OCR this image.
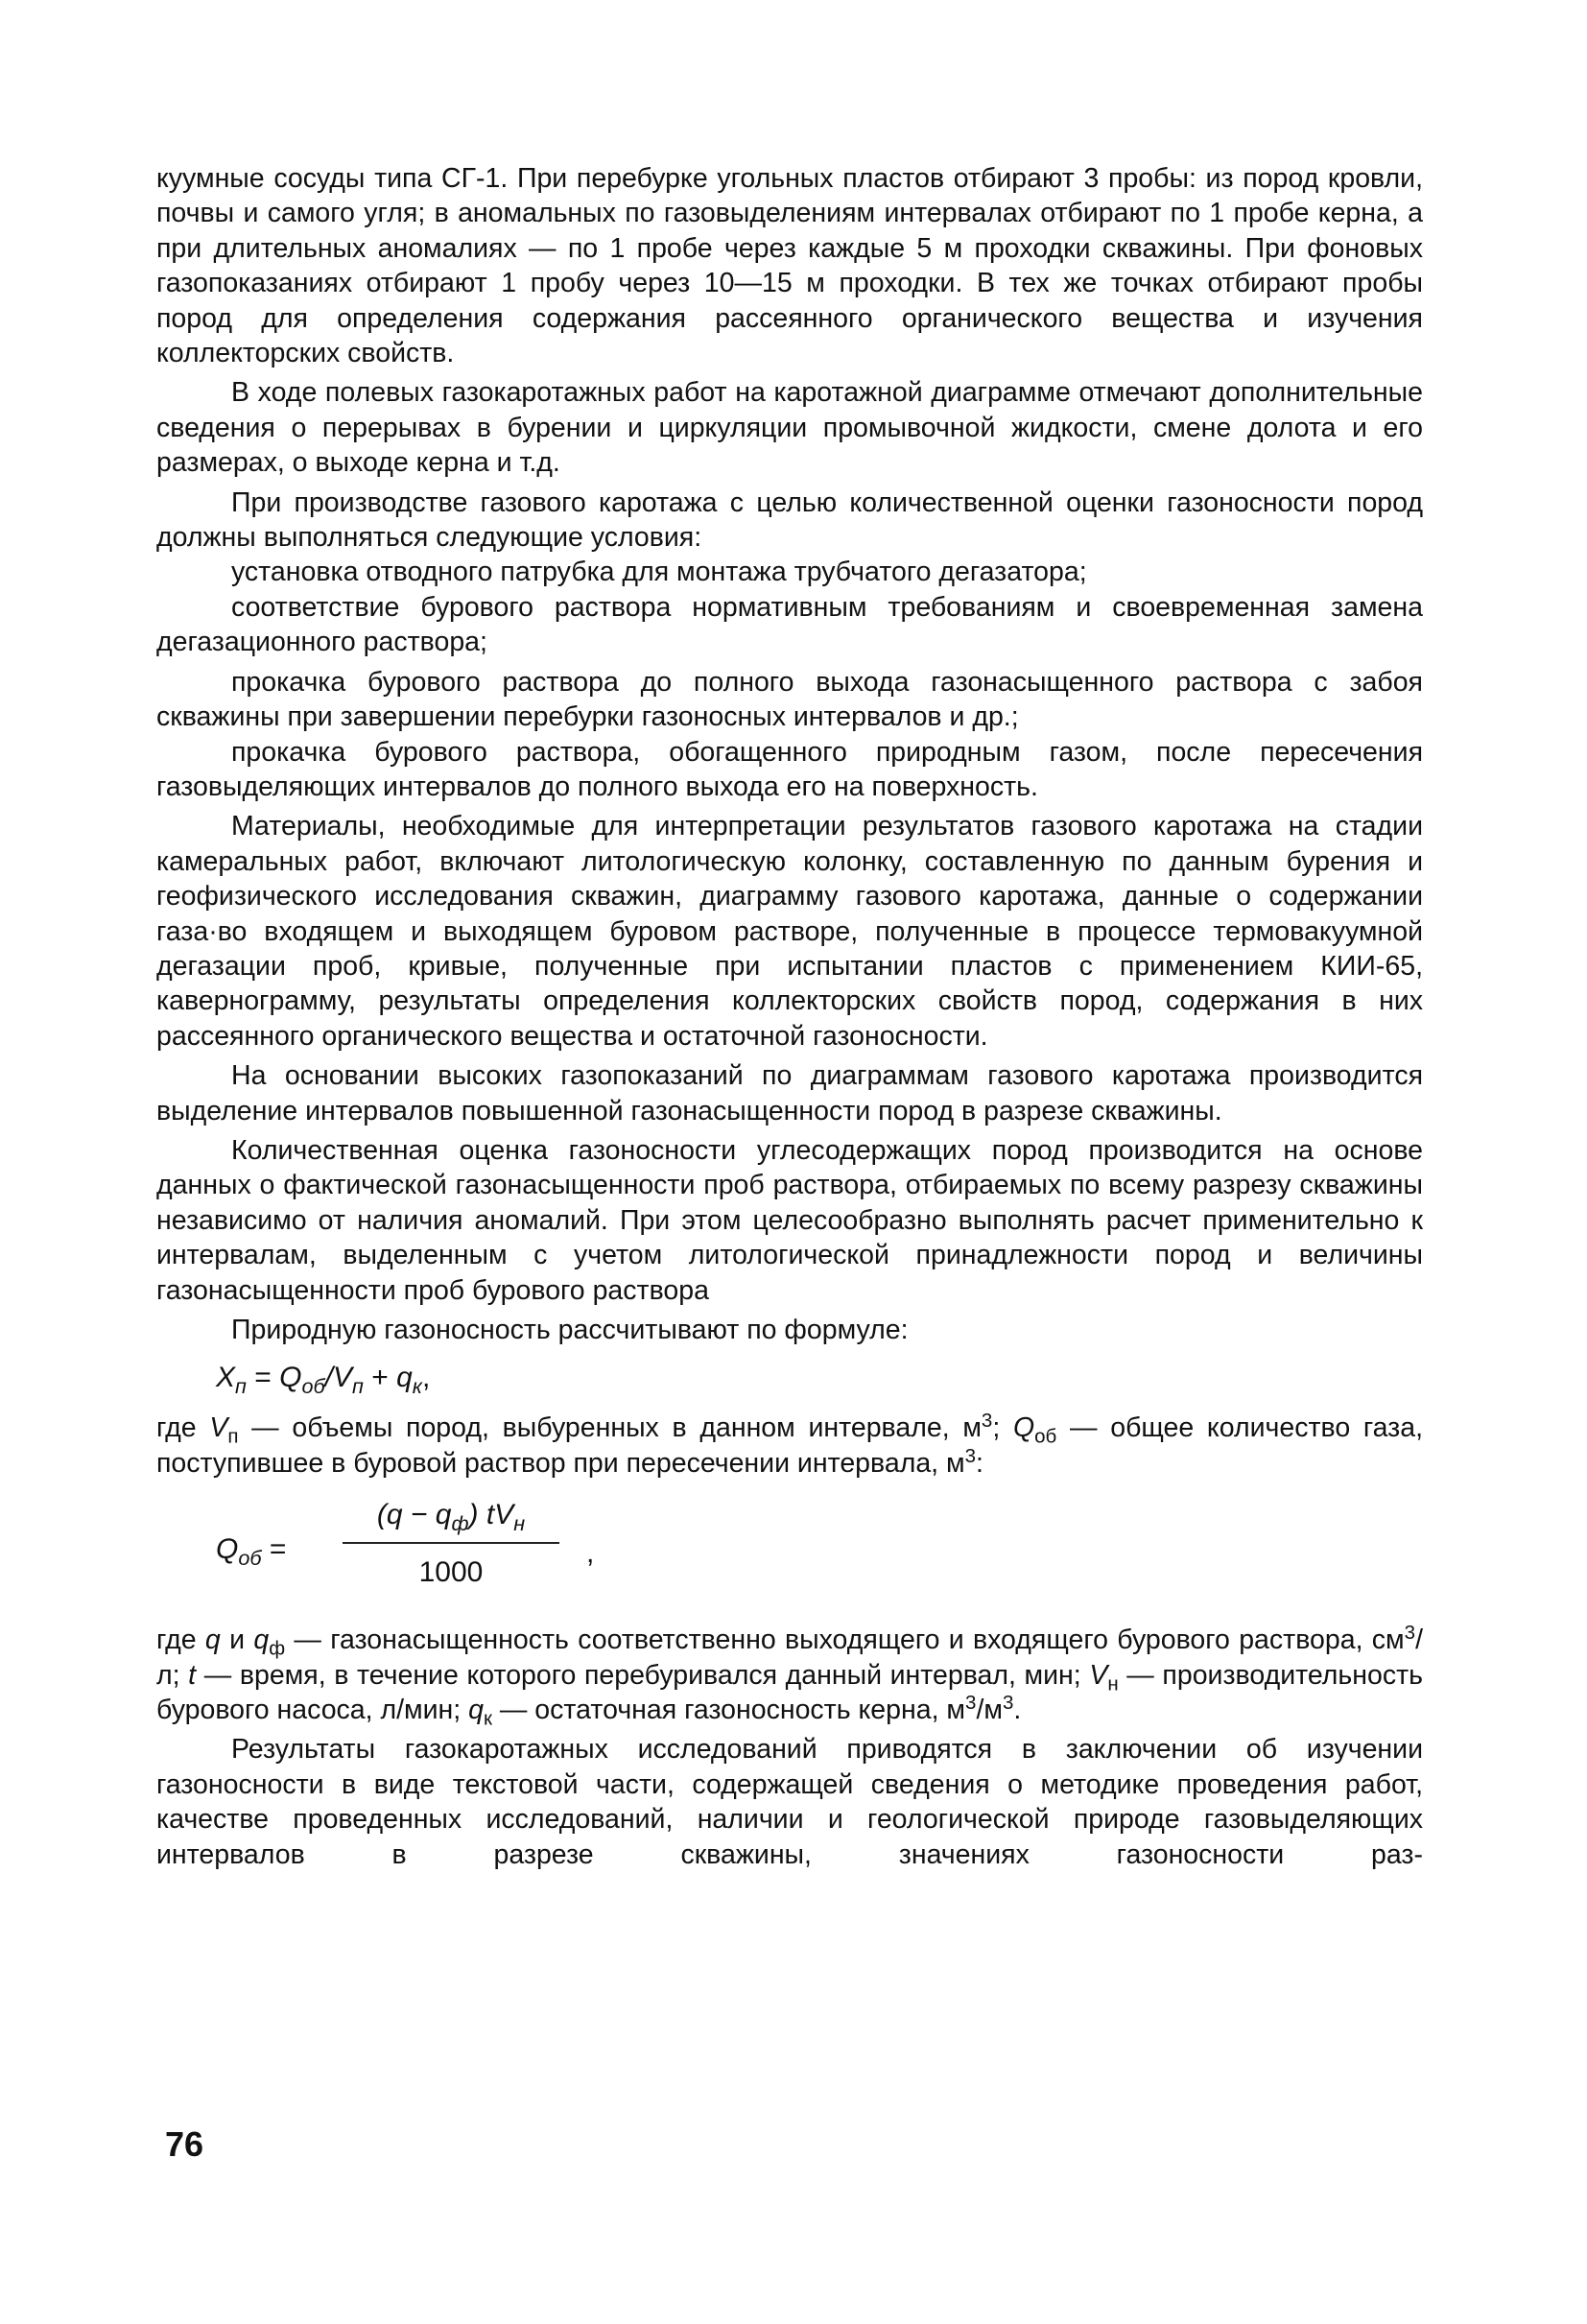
куумные сосуды типа СГ-1. При перебурке угольных пластов отбирают 3 пробы: из пород кровли, почвы и самого угля; в аномальных по газовыделениям интервалах отбирают по 1 пробе керна, а при длительных аномалиях — по 1 пробе через каждые 5 м проходки скважины. При фоновых газопоказаниях отбирают 1 пробу через 10—15 м проходки. В тех же точках отбирают пробы пород для определения содержания рассеянного органического вещества и изучения коллекторских свойств.

В ходе полевых газокаротажных работ на каротажной диаграмме отмечают дополнительные сведения о перерывах в бурении и циркуляции промывочной жидкости, смене долота и его размерах, о выходе керна и т.д.

При производстве газового каротажа с целью количественной оценки газоносности пород должны выполняться следующие условия:

установка отводного патрубка для монтажа трубчатого дегазатора;

соответствие бурового раствора нормативным требованиям и своевременная замена дегазационного раствора;

прокачка бурового раствора до полного выхода газонасыщенного раствора с забоя скважины при завершении перебурки газоносных интервалов и др.;

прокачка бурового раствора, обогащенного природным газом, после пересечения газовыделяющих интервалов до полного выхода его на поверхность.

Материалы, необходимые для интерпретации результатов газового каротажа на стадии камеральных работ, включают литологическую колонку, составленную по данным бурения и геофизического исследования скважин, диаграмму газового каротажа, данные о содержании газа·во входящем и выходящем буровом растворе, полученные в процессе термовакуумной дегазации проб, кривые, полученные при испытании пластов с применением КИИ-65, кавернограмму, результаты определения коллекторских свойств пород, содержания в них рассеянного органического вещества и остаточной газоносности.

На основании высоких газопоказаний по диаграммам газового каротажа производится выделение интервалов повышенной газонасыщенности пород в разрезе скважины.

Количественная оценка газоносности углесодержащих пород производится на основе данных о фактической газонасыщенности проб раствора, отбираемых по всему разрезу скважины независимо от наличия аномалий. При этом целесообразно выполнять расчет применительно к интервалам, выделенным с учетом литологической принадлежности пород и величины газонасыщенности проб бурового раствора

Природную газоносность рассчитывают по формуле:

$X_п = Q_{об}/V_п + q_к$,

где $V_п$ — объемы пород, выбуренных в данном интервале, $м^3$; $Q_{об}$ — общее количество газа, поступившее в буровой раствор при пересечении интервала, $м^3$:

$Q_{об}$ =
$(q - q_ф)$ $tV_н$
1000
,

где q и $q_ф$ — газонасыщенность соответственно выходящего и входящего бурового раствора, $см^3/л$; t — время, в течение которого перебуривался данный интервал, мин; $V_н$ — производительность бурового насоса, л/мин; $q_к$ — остаточная газоносность керна, $м^3/м^3$.

Результаты газокаротажных исследований приводятся в заключении об изучении газоносности в виде текстовой части, содержащей сведения о методике проведения работ, качестве проведенных исследований, наличии и геологической природе газовыделяющих интервалов в разрезе скважины, значениях газоносности раз-

76
